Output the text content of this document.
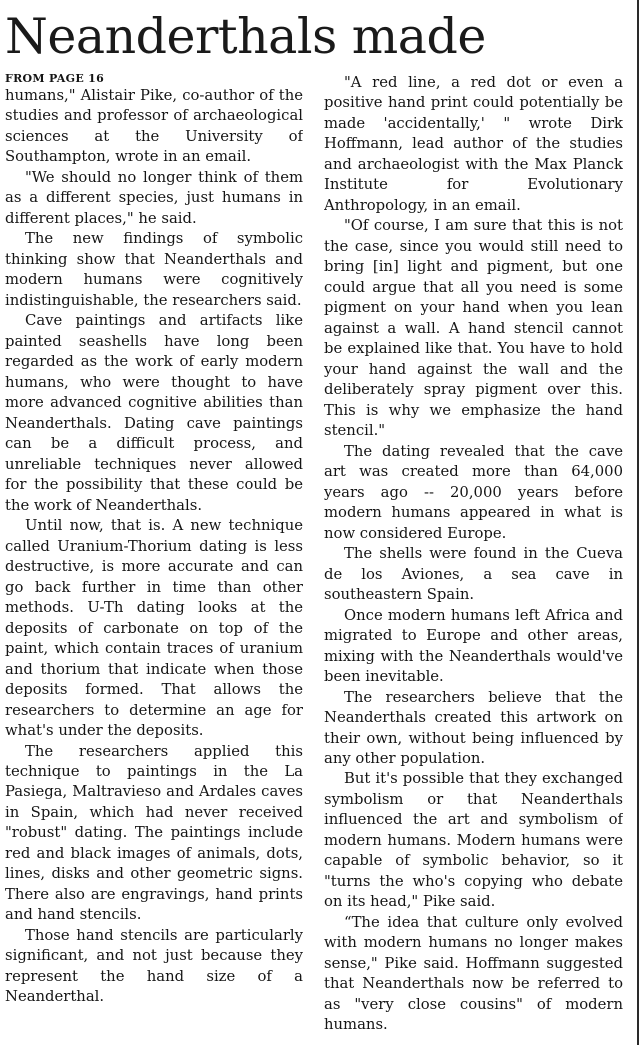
Neanderthals made

FROM PAGE 16

humans," Alistair Pike, co-author of the studies and professor of archaeological sciences at the University of Southampton, wrote in an email.

"We should no longer think of them as a different species, just humans in different places," he said.

The new findings of symbolic thinking show that Neanderthals and modern humans were cognitively indistinguishable, the researchers said.

Cave paintings and artifacts like painted seashells have long been regarded as the work of early modern humans, who were thought to have more advanced cognitive abilities than Neanderthals. Dating cave paintings can be a difficult process, and unreliable techniques never allowed for the possibility that these could be the work of Neanderthals.

Until now, that is. A new technique called Uranium-Thorium dating is less destructive, is more accurate and can go back further in time than other methods. U-Th dating looks at the deposits of carbonate on top of the paint, which contain traces of uranium and thorium that indicate when those deposits formed. That allows the researchers to determine an age for what's under the deposits.

The researchers applied this technique to paintings in the La Pasiega, Maltravieso and Ardales caves in Spain, which had never received "robust" dating. The paintings include red and black images of animals, dots, lines, disks and other geometric signs. There also are engravings, hand prints and hand stencils.

Those hand stencils are particularly significant, and not just because they represent the hand size of a Neanderthal.

"A red line, a red dot or even a positive hand print could potentially be made 'accidentally,' " wrote Dirk Hoffmann, lead author of the studies and archaeologist with the Max Planck Institute for Evolutionary Anthropology, in an email.

"Of course, I am sure that this is not the case, since you would still need to bring [in] light and pigment, but one could argue that all you need is some pigment on your hand when you lean against a wall. A hand stencil cannot be explained like that. You have to hold your hand against the wall and the deliberately spray pigment over this. This is why we emphasize the hand stencil."

The dating revealed that the cave art was created more than 64,000 years ago -- 20,000 years before modern humans appeared in what is now considered Europe.

The shells were found in the Cueva de los Aviones, a sea cave in southeastern Spain.

Once modern humans left Africa and migrated to Europe and other areas, mixing with the Neanderthals would've been inevitable.

The researchers believe that the Neanderthals created this artwork on their own, without being influenced by any other population.

But it's possible that they exchanged symbolism or that Neanderthals influenced the art and symbolism of modern humans. Modern humans were capable of symbolic behavior, so it "turns the who's copying who debate on its head," Pike said.

“The idea that culture only evolved with modern humans no longer makes sense," Pike said. Hoffmann suggested that Neanderthals now be referred to as "very close cousins" of modern humans.
